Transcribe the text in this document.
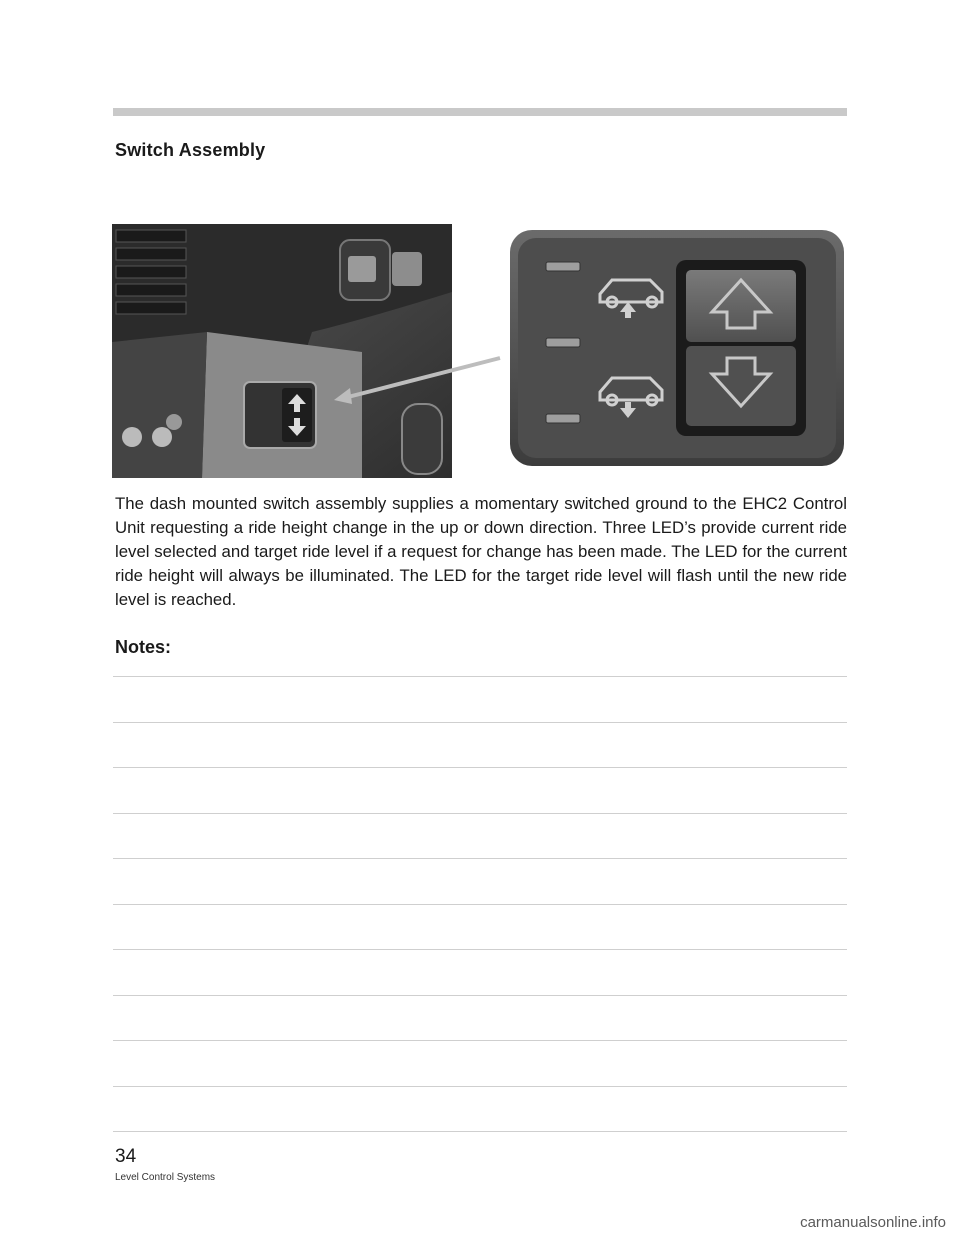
Switch Assembly

The dash mounted switch assembly supplies a momentary switched ground to the EHC2 Control Unit requesting a ride height change in the up or down direction. Three LED’s provide current ride level selected and target ride level if a request for change has been made. The LED for the current ride height will always be illuminated. The LED for the target ride level will flash until the new ride level is reached.

Notes:
34
Level Control Systems
carmanualsonline.info
